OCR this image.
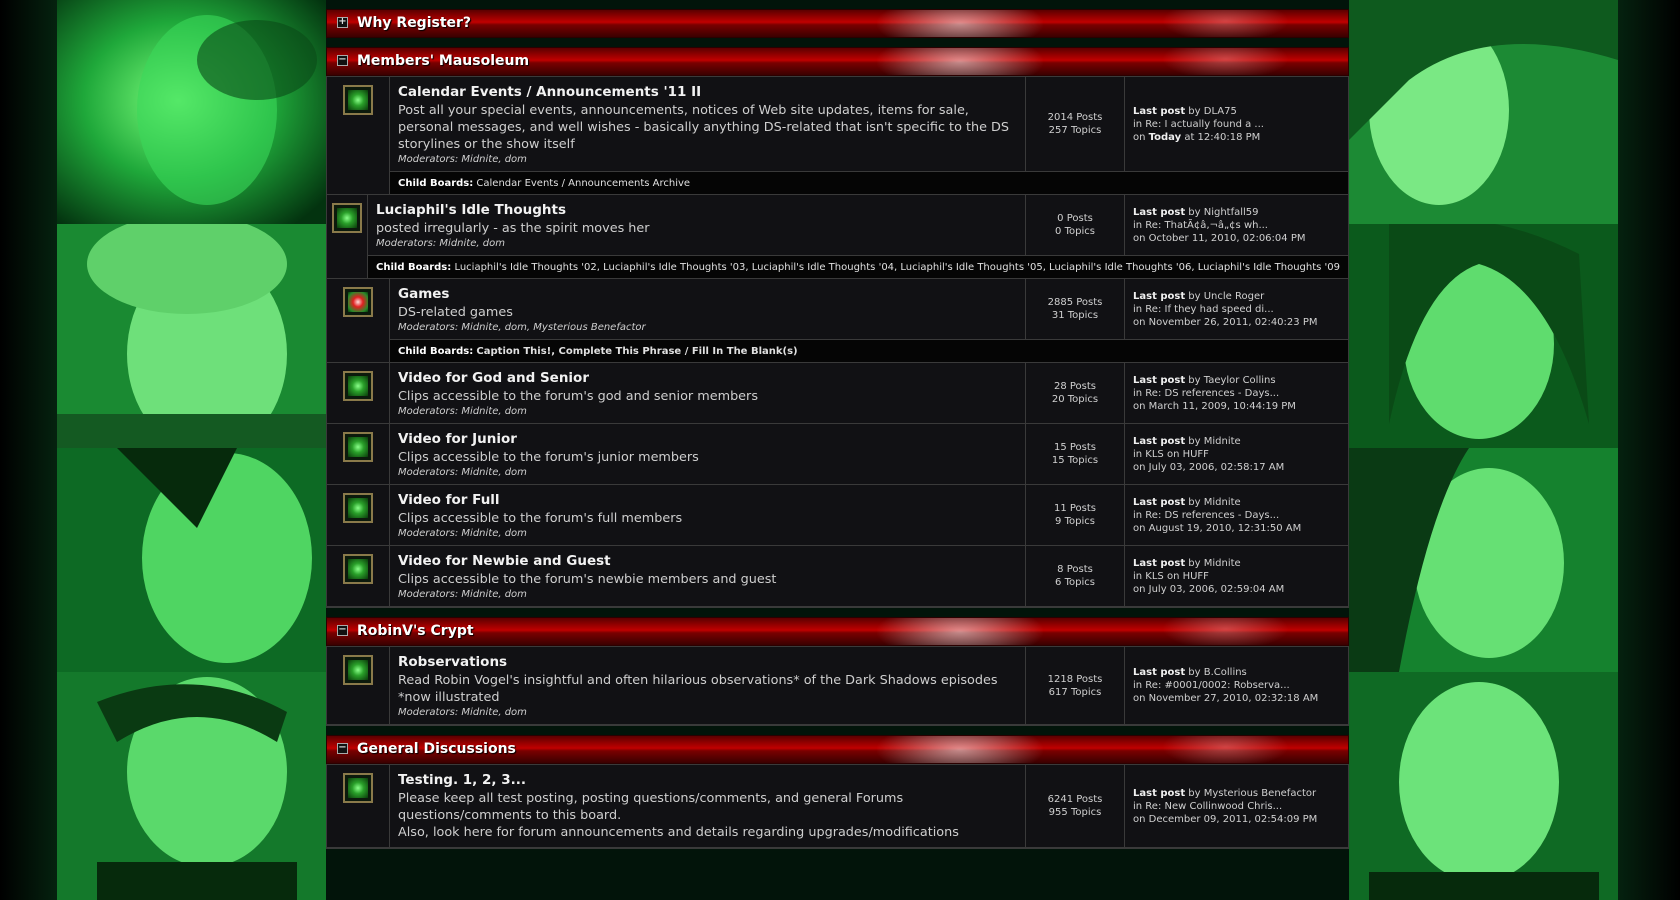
+ Why Register?
− Members' Mausoleum
Calendar Events / Announcements '11 II
Post all your special events, announcements, notices of Web site updates, items for sale, personal messages, and well wishes - basically anything DS-related that isn't specific to the DS storylines or the show itself
Moderators: Midnite, dom
2014 Posts
257 Topics
Last post by DLA75
in Re: I actually found a ...
on Today at 12:40:18 PM
Child Boards: Calendar Events / Announcements Archive
Luciaphil's Idle Thoughts
posted irregularly - as the spirit moves her
Moderators: Midnite, dom
0 Posts
0 Topics
Last post by Nightfall59
in Re: ThatÃ¢â‚¬â„¢s wh...
on October 11, 2010, 02:06:04 PM
Child Boards: Luciaphil's Idle Thoughts '02, Luciaphil's Idle Thoughts '03, Luciaphil's Idle Thoughts '04, Luciaphil's Idle Thoughts '05, Luciaphil's Idle Thoughts '06, Luciaphil's Idle Thoughts '09
Games
DS-related games
Moderators: Midnite, dom, Mysterious Benefactor
2885 Posts
31 Topics
Last post by Uncle Roger
in Re: If they had speed di...
on November 26, 2011, 02:40:23 PM
Child Boards: Caption This!, Complete This Phrase / Fill In The Blank(s)
Video for God and Senior
Clips accessible to the forum's god and senior members
Moderators: Midnite, dom
28 Posts
20 Topics
Last post by Taeylor Collins
in Re: DS references - Days...
on March 11, 2009, 10:44:19 PM
Video for Junior
Clips accessible to the forum's junior members
Moderators: Midnite, dom
15 Posts
15 Topics
Last post by Midnite
in KLS on HUFF
on July 03, 2006, 02:58:17 AM
Video for Full
Clips accessible to the forum's full members
Moderators: Midnite, dom
11 Posts
9 Topics
Last post by Midnite
in Re: DS references - Days...
on August 19, 2010, 12:31:50 AM
Video for Newbie and Guest
Clips accessible to the forum's newbie members and guest
Moderators: Midnite, dom
8 Posts
6 Topics
Last post by Midnite
in KLS on HUFF
on July 03, 2006, 02:59:04 AM
− RobinV's Crypt
Robservations
Read Robin Vogel's insightful and often hilarious observations* of the Dark Shadows episodes *now illustrated
Moderators: Midnite, dom
1218 Posts
617 Topics
Last post by B.Collins
in Re: #0001/0002: Robserva...
on November 27, 2010, 02:32:18 AM
− General Discussions
Testing. 1, 2, 3...
Please keep all test posting, posting questions/comments, and general Forums questions/comments to this board.
Also, look here for forum announcements and details regarding upgrades/modifications
6241 Posts
955 Topics
Last post by Mysterious Benefactor
in Re: New Collinwood Chris...
on December 09, 2011, 02:54:09 PM
